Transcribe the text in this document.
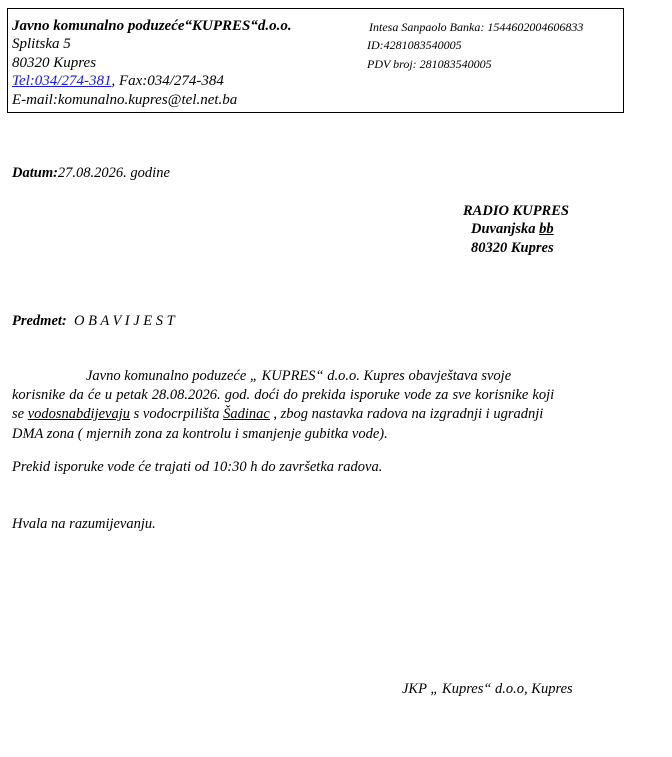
Javno komunalno poduzeće“KUPRES“d.o.o.
Splitska 5
80320 Kupres
Tel:034/274-381, Fax:034/274-384
E-mail:komunalno.kupres@tel.net.ba
Intesa Sanpaolo Banka: 1544602004606833
ID:4281083540005
PDV broj: 281083540005
Datum:27.08.2026. godine
RADIO KUPRES
Duvanjska bb
80320 Kupres
Predmet: O B A V I J E S T
Javno komunalno poduzeće „ KUPRES“ d.o.o. Kupres obavještava svoje
korisnike da će u petak 28.08.2026. god. doći do prekida isporuke vode za sve korisnike koji
se vodosnabdijevaju s vodocrpilišta Šadinac , zbog nastavka radova na izgradnji i ugradnji
DMA zona ( mjernih zona za kontrolu i smanjenje gubitka vode).
Prekid isporuke vode će trajati od 10:30 h do završetka radova.
Hvala na razumijevanju.
JKP „ Kupres“ d.o.o, Kupres
